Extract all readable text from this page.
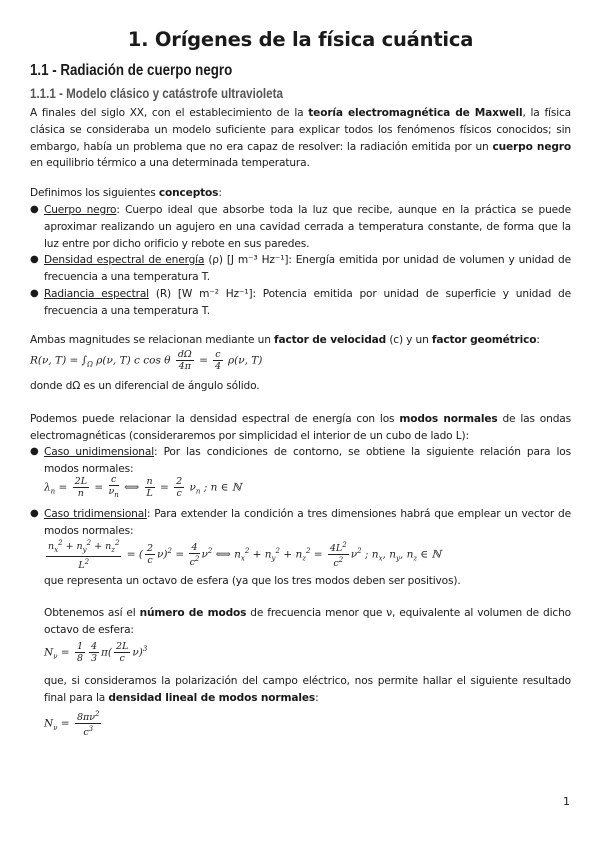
1. Orígenes de la física cuántica
1.1 - Radiación de cuerpo negro
1.1.1 - Modelo clásico y catástrofe ultravioleta

A finales del siglo XX, con el establecimiento de la teoría electromagnética de Maxwell, la física clásica se consideraba un modelo suficiente para explicar todos los fenómenos físicos conocidos; sin embargo, había un problema que no era capaz de resolver: la radiación emitida por un cuerpo negro en equilibrio térmico a una determinada temperatura.

Definimos los siguientes conceptos:

● Cuerpo negro: Cuerpo ideal que absorbe toda la luz que recibe, aunque en la práctica se puede aproximar realizando un agujero en una cavidad cerrada a temperatura constante, de forma que la luz entre por dicho orificio y rebote en sus paredes.

● Densidad espectral de energía (ρ) [J m⁻³ Hz⁻¹]: Energía emitida por unidad de volumen y unidad de frecuencia a una temperatura T.

● Radiancia espectral (R) [W m⁻² Hz⁻¹]: Potencia emitida por unidad de superficie y unidad de frecuencia a una temperatura T.

Ambas magnitudes se relacionan mediante un factor de velocidad (c) y un factor geométrico:

R(ν, $T) = \int_\Omega$ ρ(ν, T) c cos θ $\frac{d\Omega}{4\pi} = \frac{c}{4} \rho(\nu$, T)

donde dΩ es un diferencial de ángulo sólido.

Podemos puede relacionar la densidad espectral de energía con los modos normales de las ondas electromagnéticas (consideraremos por simplicidad el interior de un cubo de lado L):

● Caso unidimensional: Por las condiciones de contorno, se obtiene la siguiente relación para los modos normales:

$\lambda_n = \frac{2L}{n} = \frac{c}{\nu_n}$ ⟺ $\frac{n}{L} = \frac{2}{c} \nu_n$ ; n ∈ ℕ

● Caso tridimensional: Para extender la condición a tres dimensiones habrá que emplear un vector de modos normales:

$\frac{n_x^2 + n_y^2 + n_z^2}{L^2}$ = ( $\frac{2}{c} \nu)^2 = \frac{4}{c^2} \nu^2$ ⟺ $n_x^2 + n_y^2 + n_z^2 = \frac{4L^2}{c^2} \nu^2$ ; $n_x$, $n_y$, $n_z$ ∈ ℕ

que representa un octavo de esfera (ya que los tres modos deben ser positivos).

Obtenemos así el número de modos de frecuencia menor que ν, equivalente al volumen de dicho octavo de esfera:

$N_\nu = \frac{1}{8} \frac{4}{3} \pi( \frac{2L}{c} \nu)^3$

que, si consideramos la polarización del campo eléctrico, nos permite hallar el siguiente resultado final para la densidad lineal de modos normales:

$N_\nu = \frac{8\pi\nu^2}{c^3}$
1
